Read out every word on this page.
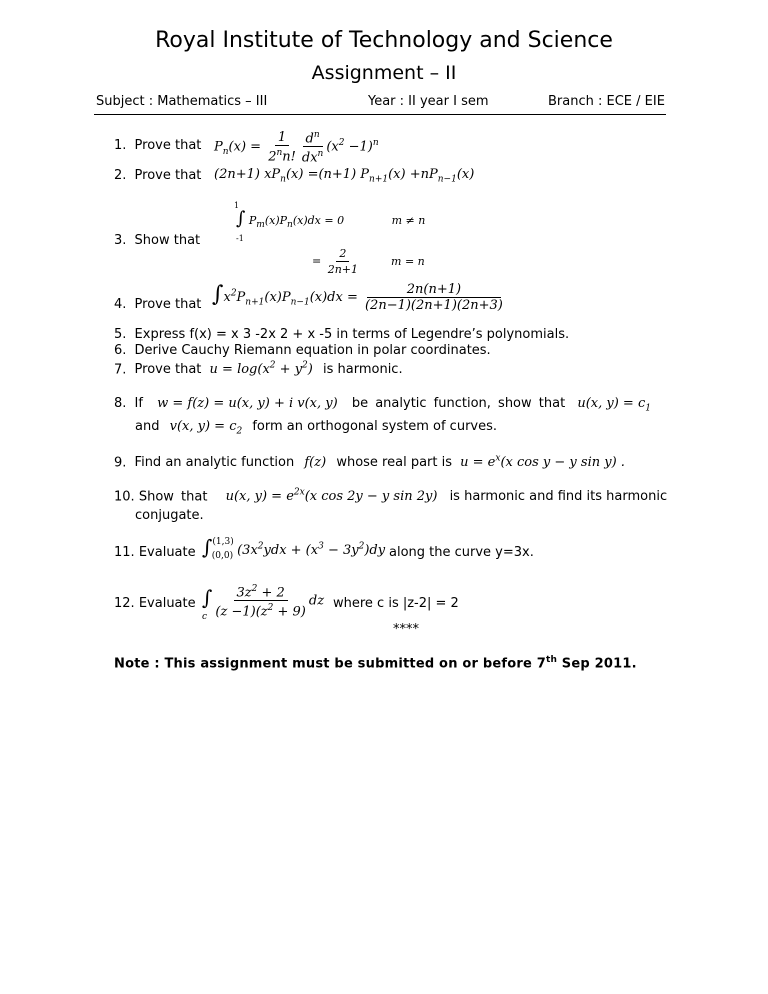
Royal Institute of Technology and Science
Assignment – II
Subject : Mathematics – III	Year : II year I sem	Branch : ECE / EIE
1. Prove that $P_n(x) = \frac{1}{2^nn!} \frac{d^n}{dx^n} (x^2 -1)^n$
2. Prove that (2n+1) $xP_n(x) =(n+1)$ $P_{n+1}(x) +nP_{n-1}(x)$
$^1$
∫ $P_m(x)P_n(x)dx = 0$	m ≠ n
-1
3. Show that
= $\frac{2}{2n+1}$	m = n
4. Prove that $\int x^2P_{n+1}(x)P_{n-1}(x)dx = \frac{2n(n+1)}{(2n-1)(2n+1)(2n+3)}$
5. Express f(x) = x 3 -2x 2 + x -5 in terms of Legendre’s polynomials.
6. Derive Cauchy Riemann equation in polar coordinates.
7. Prove that $u = \log(x^2 + y^2)$ is harmonic.
8. If w = f(z) = u(x, y) + i v(x, y) be analytic function, show that u(x, $y) = c_1$
and v(x, $y) = c_2$ form an orthogonal system of curves.
9. Find an analytic function f(z) whose real part is $u = e^x(x$ cos y − y sin y) .
10. Show that u(x, $y) = e^{2x}(x$ cos 2y − y sin 2y) is harmonic and find its harmonic
conjugate.
11. Evaluate ∫$^{(1,3)}_{(0,0)}$ ($3x^2ydx + (x^3 - 3y^2)dy$ along the curve y=3x.
12. Evaluate ∫ $\frac{3z^2 + 2}{(z -1)(z^2 + 9)}$ dz
c
where c is |z-2| = 2
****
Note : This assignment must be submitted on or before 7th Sep 2011.
